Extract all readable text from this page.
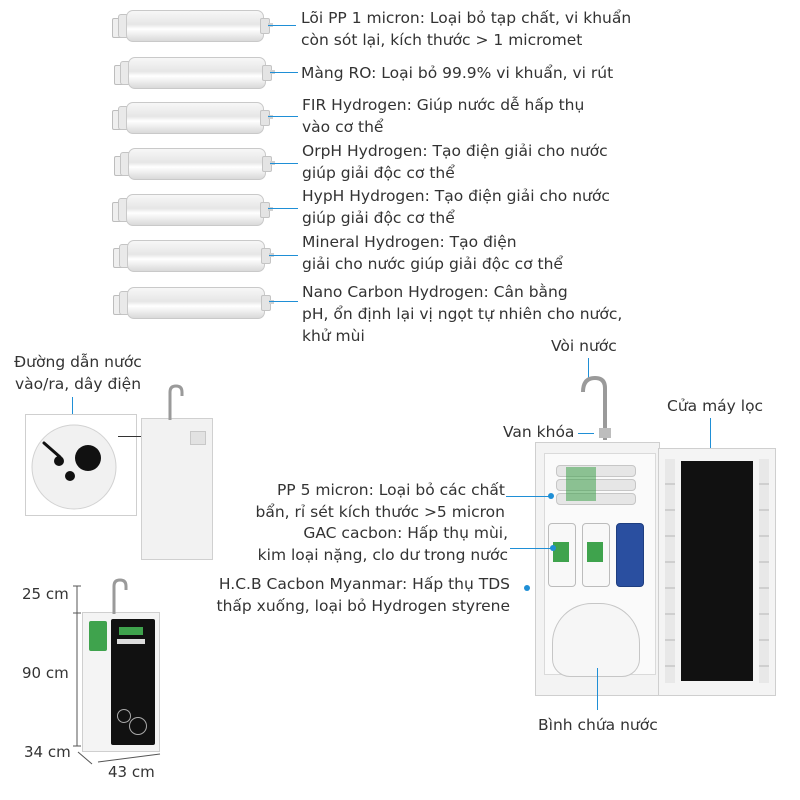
Lõi PP 1 micron: Loại bỏ tạp chất, vi khuẩn
còn sót lại, kích thước > 1 micromet
Màng RO: Loại bỏ 99.9% vi khuẩn, vi rút
FIR Hydrogen: Giúp nước dễ hấp thụ
vào cơ thể
OrpH Hydrogen: Tạo điện giải cho nước
giúp giải độc cơ thể
HypH Hydrogen: Tạo điện giải cho nước
giúp giải độc cơ thể
Mineral Hydrogen: Tạo điện
giải cho nước giúp giải độc cơ thể
Nano Carbon Hydrogen: Cân bằng
pH, ổn định lại vị ngọt tự nhiên cho nước,
khử mùi
Đường dẫn nước
vào/ra, dây điện
25 cm
90 cm
34 cm
43 cm
Vòi nước
Cửa máy lọc
Van khóa
PP 5 micron: Loại bỏ các chất
bẩn, rỉ sét kích thước >5 micron
GAC cacbon: Hấp thụ mùi,
kim loại nặng, clo dư trong nước
H.C.B Cacbon Myanmar: Hấp thụ TDS
thấp xuống, loại bỏ Hydrogen styrene
Bình chứa nước
